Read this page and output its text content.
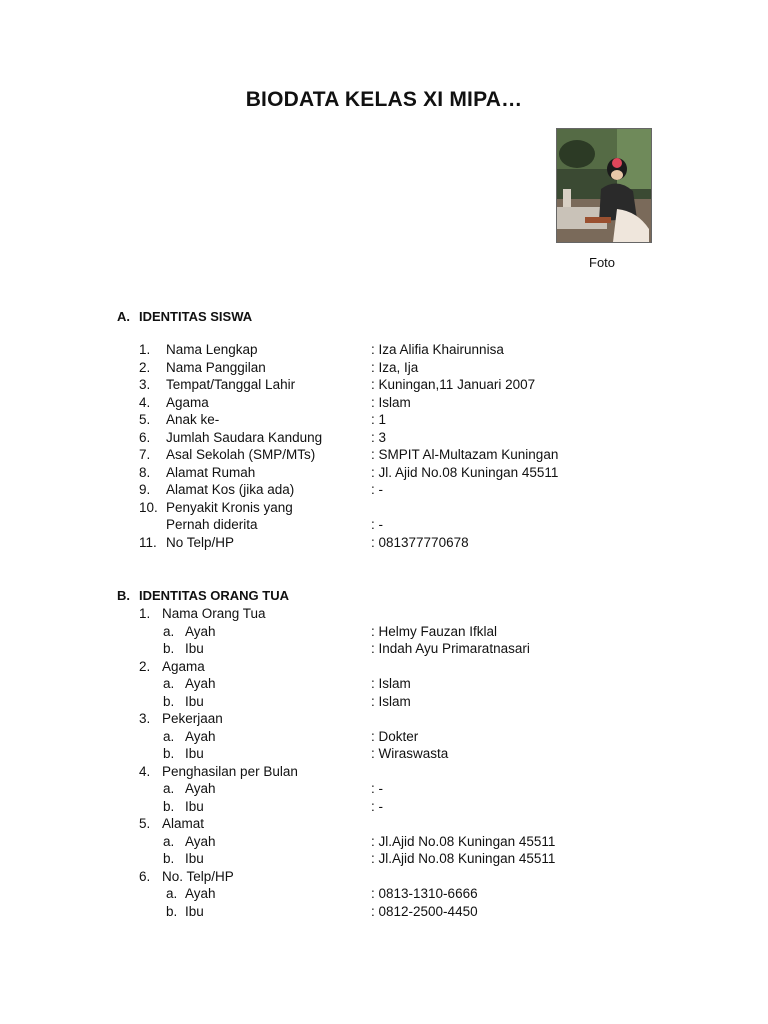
BIODATA KELAS XI MIPA…
Foto
A. IDENTITAS SISWA
1. Nama Lengkap	: Iza Alifia Khairunnisa
2. Nama Panggilan	: Iza, Ija
3. Tempat/Tanggal Lahir	: Kuningan,11 Januari 2007
4. Agama	: Islam
5. Anak ke-	: 1
6. Jumlah Saudara Kandung	: 3
7. Asal Sekolah (SMP/MTs)	: SMPIT Al-Multazam Kuningan
8. Alamat Rumah	: Jl. Ajid No.08 Kuningan 45511
9. Alamat Kos (jika ada)	: -
10. Penyakit Kronis yang
Pernah diderita	: -
11. No Telp/HP	: 081377770678
B. IDENTITAS ORANG TUA
1. Nama Orang Tua
a. Ayah	: Helmy Fauzan Ifklal
b. Ibu	: Indah Ayu Primaratnasari
2. Agama
a. Ayah	: Islam
b. Ibu	: Islam
3. Pekerjaan
a. Ayah	: Dokter
b. Ibu	: Wiraswasta
4. Penghasilan per Bulan
a. Ayah	: -
b. Ibu	: -
5. Alamat
a. Ayah	: Jl.Ajid No.08 Kuningan 45511
b. Ibu	: Jl.Ajid No.08 Kuningan 45511
6. No. Telp/HP
a. Ayah	: 0813-1310-6666
b. Ibu	: 0812-2500-4450
